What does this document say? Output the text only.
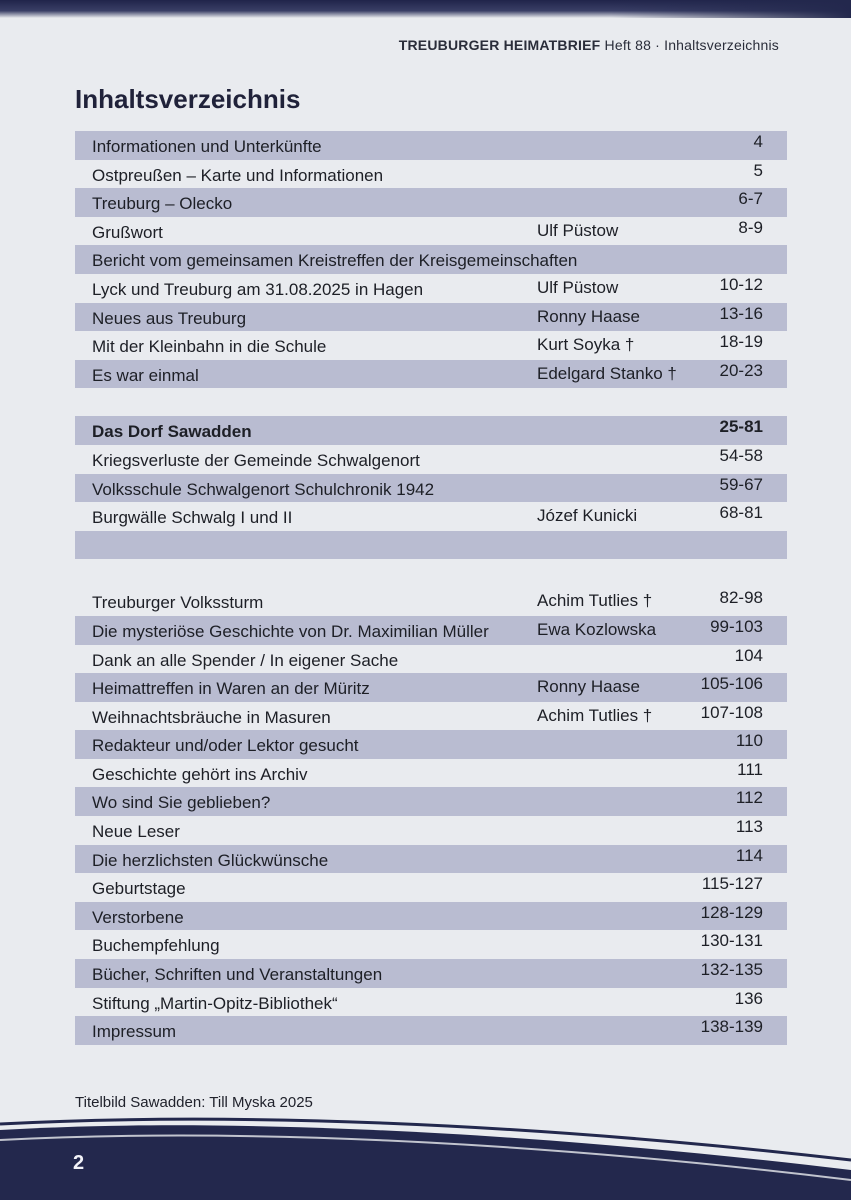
TREUBURGER HEIMATBRIEF Heft 88 · Inhaltsverzeichnis
Inhaltsverzeichnis
Informationen und Unterkünfte	4
Ostpreußen – Karte und Informationen	5
Treuburg – Olecko	6-7
Grußwort	Ulf Püstow	8-9
Bericht vom gemeinsamen Kreistreffen der Kreisgemeinschaften
Lyck und Treuburg am 31.08.2025 in Hagen	Ulf Püstow	10-12
Neues aus Treuburg	Ronny Haase	13-16
Mit der Kleinbahn in die Schule	Kurt Soyka †	18-19
Es war einmal	Edelgard Stanko †	20-23
Das Dorf Sawadden	25-81
Kriegsverluste der Gemeinde Schwalgenort	54-58
Volksschule Schwalgenort Schulchronik 1942	59-67
Burgwälle Schwalg I und II	Józef Kunicki	68-81
Treuburger Volkssturm	Achim Tutlies †	82-98
Die mysteriöse Geschichte von Dr. Maximilian Müller	Ewa Kozlowska	99-103
Dank an alle Spender / In eigener Sache	104
Heimattreffen in Waren an der Müritz	Ronny Haase	105-106
Weihnachtsbräuche in Masuren	Achim Tutlies †	107-108
Redakteur und/oder Lektor gesucht	110
Geschichte gehört ins Archiv	111
Wo sind Sie geblieben?	112
Neue Leser	113
Die herzlichsten Glückwünsche	114
Geburtstage	115-127
Verstorbene	128-129
Buchempfehlung	130-131
Bücher, Schriften und Veranstaltungen	132-135
Stiftung „Martin-Opitz-Bibliothek“	136
Impressum	138-139
Titelbild Sawadden: Till Myska 2025
2
